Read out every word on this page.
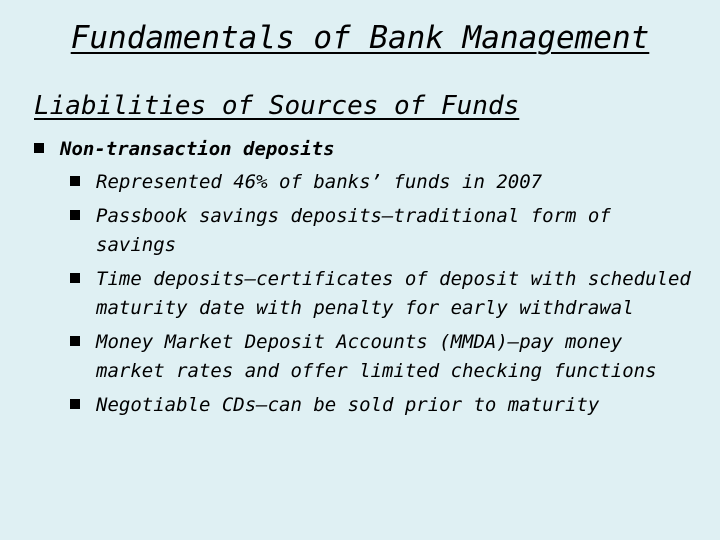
Fundamentals of Bank Management
Liabilities of Sources of Funds
Non-transaction deposits
Represented 46% of banks’ funds in 2007
Passbook savings deposits—traditional form of savings
Time deposits—certificates of deposit with scheduled maturity date with penalty for early withdrawal
Money Market Deposit Accounts (MMDA)—pay money market rates and offer limited checking functions
Negotiable CDs—can be sold prior to maturity
